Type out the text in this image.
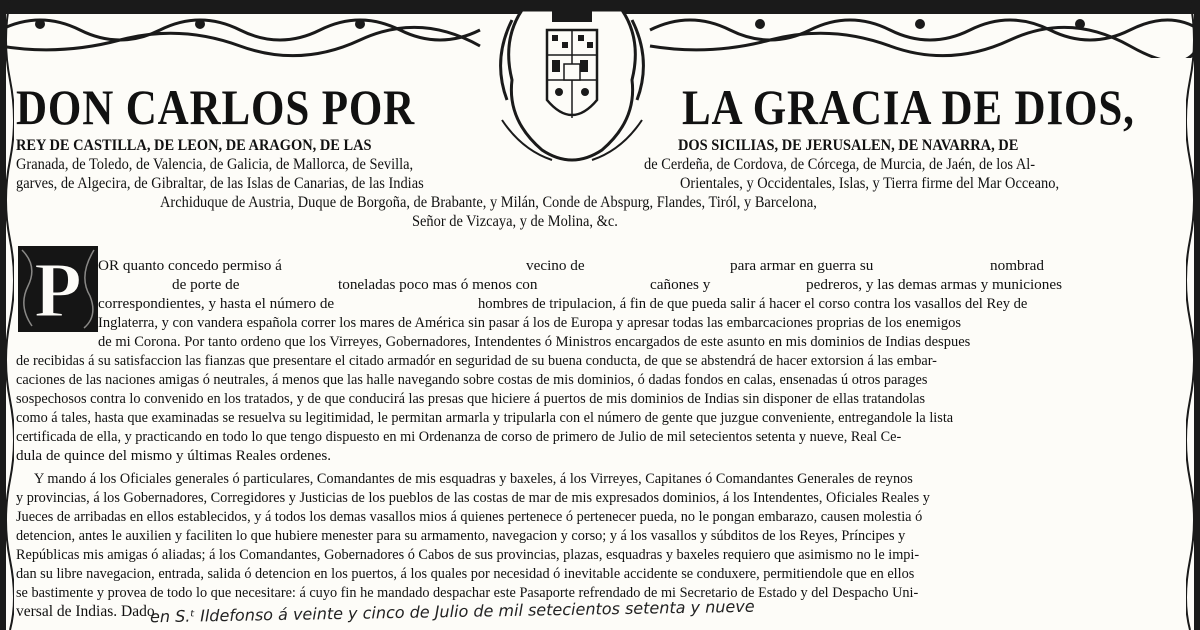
DON CARLOS POR	LA GRACIA DE DIOS,
REY DE CASTILLA, DE LEON, DE ARAGON, DE LAS	DOS SICILIAS, DE JERUSALEN, DE NAVARRA, DE
Granada, de Toledo, de Valencia, de Galicia, de Mallorca, de Sevilla,	de Cerdeña, de Cordova, de Córcega, de Murcia, de Jaén, de los Al-
garves, de Algecira, de Gibraltar, de las Islas de Canarias, de las Indias	Orientales, y Occidentales, Islas, y Tierra firme del Mar Occeano,
Archiduque de Austria, Duque de Borgoña, de Brabante, y Milán, Conde de Abspurg, Flandes, Tiról, y Barcelona,
Señor de Vizcaya, y de Molina, &c.
P OR quanto concedo permiso á	vecino de	para armar en guerra su	nombrad
de porte de	toneladas poco mas ó menos con	cañones y	pedreros, y las demas armas y municiones
correspondientes, y hasta el número de	hombres de tripulacion, á fin de que pueda salir á hacer el corso contra los vasallos del Rey de
Inglaterra, y con vandera española correr los mares de América sin pasar á los de Europa y apresar todas las embarcaciones proprias de los enemigos
de mi Corona. Por tanto ordeno que los Virreyes, Gobernadores, Intendentes ó Ministros encargados de este asunto en mis dominios de Indias despues
de recibidas á su satisfaccion las fianzas que presentare el citado armadór en seguridad de su buena conducta, de que se abstendrá de hacer extorsion á las embar-
caciones de las naciones amigas ó neutrales, á menos que las halle navegando sobre costas de mis dominios, ó dadas fondos en calas, ensenadas ú otros parages
sospechosos contra lo convenido en los tratados, y de que conducirá las presas que hiciere á puertos de mis dominios de Indias sin disponer de ellas tratandolas
como á tales, hasta que examinadas se resuelva su legitimidad, le permitan armarla y tripularla con el número de gente que juzgue conveniente, entregandole la lista
certificada de ella, y practicando en todo lo que tengo dispuesto en mi Ordenanza de corso de primero de Julio de mil setecientos setenta y nueve, Real Ce-
dula de quince del mismo y últimas Reales ordenes.
Y mando á los Oficiales generales ó particulares, Comandantes de mis esquadras y baxeles, á los Virreyes, Capitanes ó Comandantes Generales de reynos
y provincias, á los Gobernadores, Corregidores y Justicias de los pueblos de las costas de mar de mis expresados dominios, á los Intendentes, Oficiales Reales y
Jueces de arribadas en ellos establecidos, y á todos los demas vasallos mios á quienes pertenece ó pertenecer pueda, no le pongan embarazo, causen molestia ó
detencion, antes le auxilien y faciliten lo que hubiere menester para su armamento, navegacion y corso; y á los vasallos y súbditos de los Reyes, Príncipes y
Repúblicas mis amigas ó aliadas; á los Comandantes, Gobernadores ó Cabos de sus provincias, plazas, esquadras y baxeles requiero que asimismo no le impi-
dan su libre navegacion, entrada, salida ó detencion en los puertos, á los quales por necesidad ó inevitable accidente se conduxere, permitiendole que en ellos
se bastimente y provea de todo lo que necesitare: á cuyo fin he mandado despachar este Pasaporte refrendado de mi Secretario de Estado y del Despacho Uni-
versal de Indias. Dado
en S.ᵗ Ildefonso á veinte y cinco de Julio de mil setecientos setenta y nueve
